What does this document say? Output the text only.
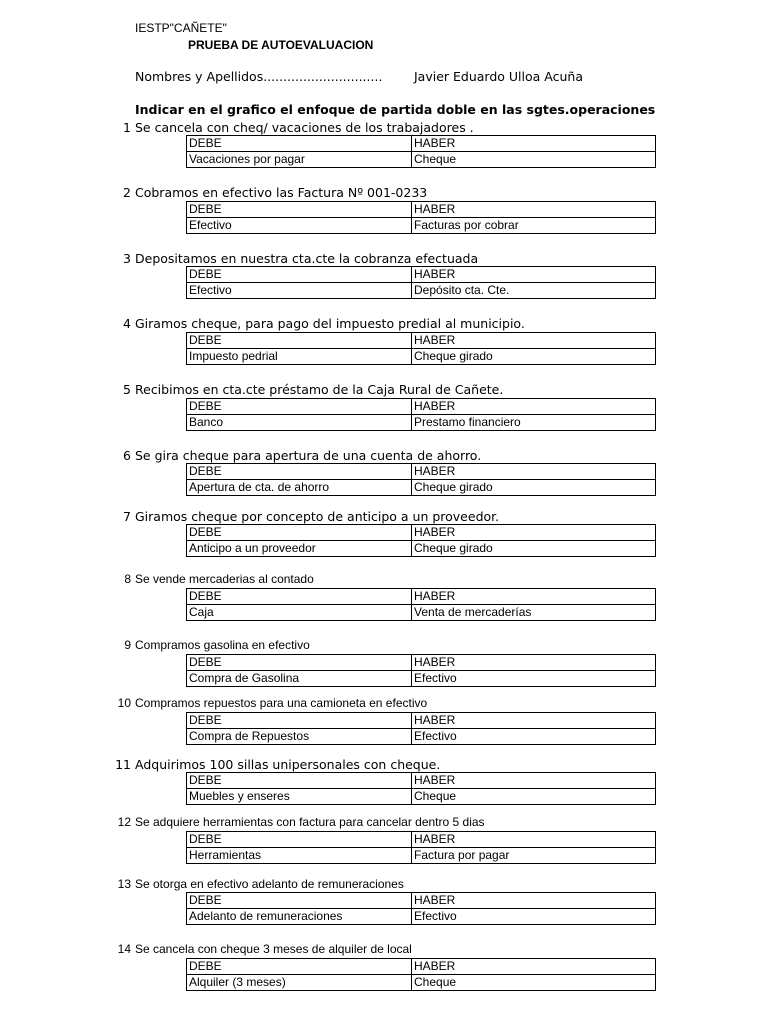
IESTP"CAÑETE"
PRUEBA DE AUTOEVALUACION
Nombres y Apellidos..............................	Javier Eduardo Ulloa Acuña
Indicar en el grafico el enfoque de partida doble en las sgtes.operaciones
1 Se cancela con cheq/ vacaciones de los trabajadores .
DEBE	HABER
Vacaciones por pagar	Cheque
2 Cobramos en efectivo las Factura Nº 001-0233
DEBE	HABER
Efectivo	Facturas por cobrar
3 Depositamos en nuestra cta.cte la cobranza efectuada
DEBE	HABER
Efectivo	Depósito cta. Cte.
4 Giramos cheque, para pago del impuesto predial al municipio.
DEBE	HABER
Impuesto pedrial	Cheque girado
5 Recibimos en cta.cte préstamo de la Caja Rural de Cañete.
DEBE	HABER
Banco	Prestamo financiero
6 Se gira cheque para apertura de una cuenta de ahorro.
DEBE	HABER
Apertura de cta. de ahorro	Cheque girado
7 Giramos cheque por concepto de anticipo a un proveedor.
DEBE	HABER
Anticipo a un proveedor	Cheque girado
8 Se vende mercaderias al contado
DEBE	HABER
Caja	Venta de mercaderías
9 Compramos gasolina en efectivo
DEBE	HABER
Compra de Gasolina	Efectivo
10 Compramos repuestos para una camioneta en efectivo
DEBE	HABER
Compra de Repuestos	Efectivo
11 Adquirimos 100 sillas unipersonales con cheque.
DEBE	HABER
Muebles y enseres	Cheque
12 Se adquiere herramientas con factura para cancelar dentro 5 dias
DEBE	HABER
Herramientas	Factura por pagar
13 Se otorga en efectivo adelanto de remuneraciones
DEBE	HABER
Adelanto de remuneraciones	Efectivo
14 Se cancela con cheque 3 meses de alquiler de local
DEBE	HABER
Alquiler (3 meses)	Cheque
